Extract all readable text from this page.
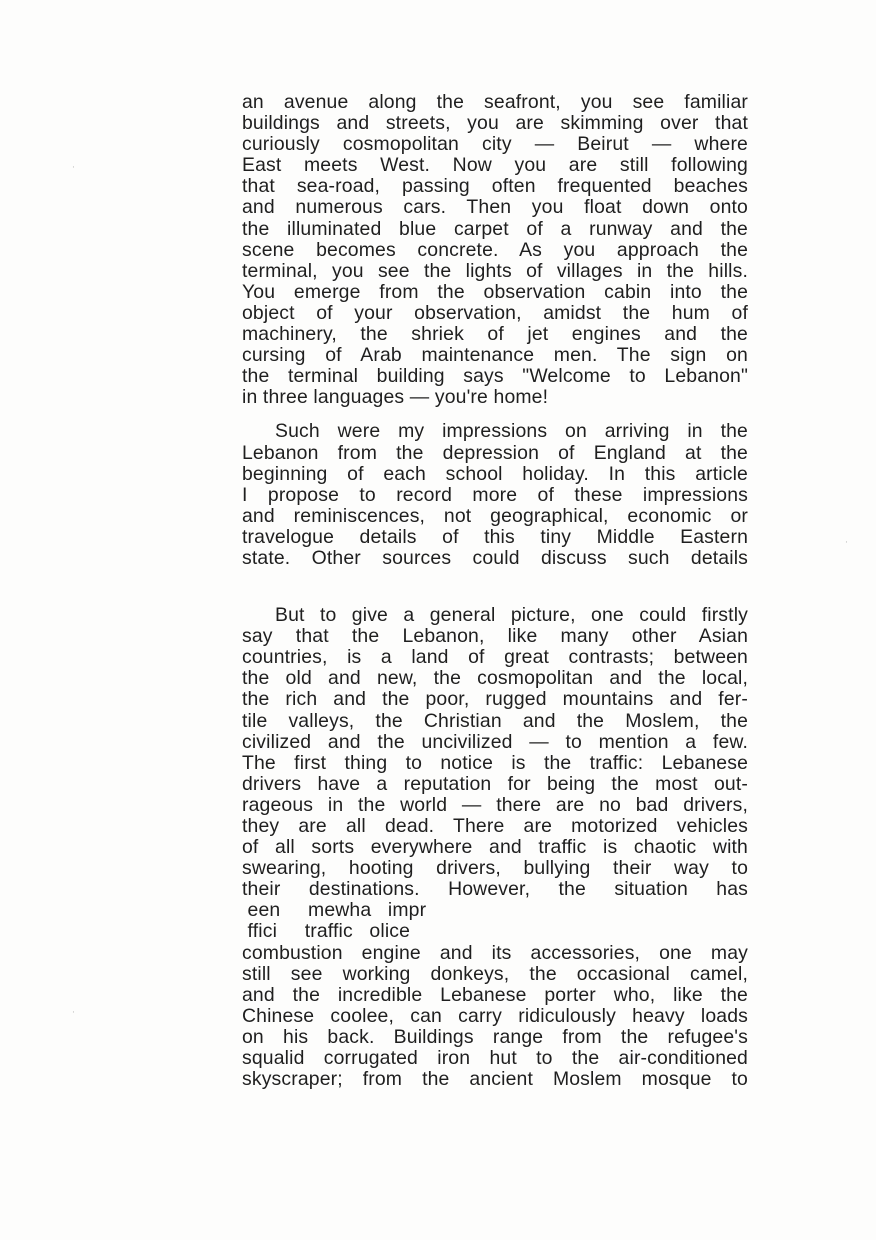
·
·
·
an avenue along the seafront, you see familiar
buildings and streets, you are skimming over that
curiously cosmopolitan city — Beirut — where
East meets West. Now you are still following
that sea-road, passing often frequented beaches
and numerous cars. Then you float down onto
the illuminated blue carpet of a runway and the
scene becomes concrete. As you approach the
terminal, you see the lights of villages in the hills.
You emerge from the observation cabin into the
object of your observation, amidst the hum of
machinery, the shriek of jet engines and the
cursing of Arab maintenance men. The sign on
the terminal building says "Welcome to Lebanon"
in three languages — you're home!
Such were my impressions on arriving in the
Lebanon from the depression of England at the
beginning of each school holiday. In this article
I propose to record more of these impressions
and reminiscences, not geographical, economic or
travelogue details of this tiny Middle Eastern
state. Other sources could discuss such details
But to give a general picture, one could firstly
say that the Lebanon, like many other Asian
countries, is a land of great contrasts; between
the old and new, the cosmopolitan and the local,
the rich and the poor, rugged mountains and fer-
tile valleys, the Christian and the Moslem, the
civilized and the uncivilized — to mention a few.
The first thing to notice is the traffic: Lebanese
drivers have a reputation for being the most out-
rageous in the world — there are no bad drivers,
they are all dead. There are motorized vehicles
of all sorts everywhere and traffic is chaotic with
swearing, hooting drivers, bullying their way to
their destinations. However, the situation has
een     mewha   impr
ffici     traffic   olice
combustion engine and its accessories, one may
still see working donkeys, the occasional camel,
and the incredible Lebanese porter who, like the
Chinese coolee, can carry ridiculously heavy loads
on his back. Buildings range from the refugee's
squalid corrugated iron hut to the air-conditioned
skyscraper; from the ancient Moslem mosque to
